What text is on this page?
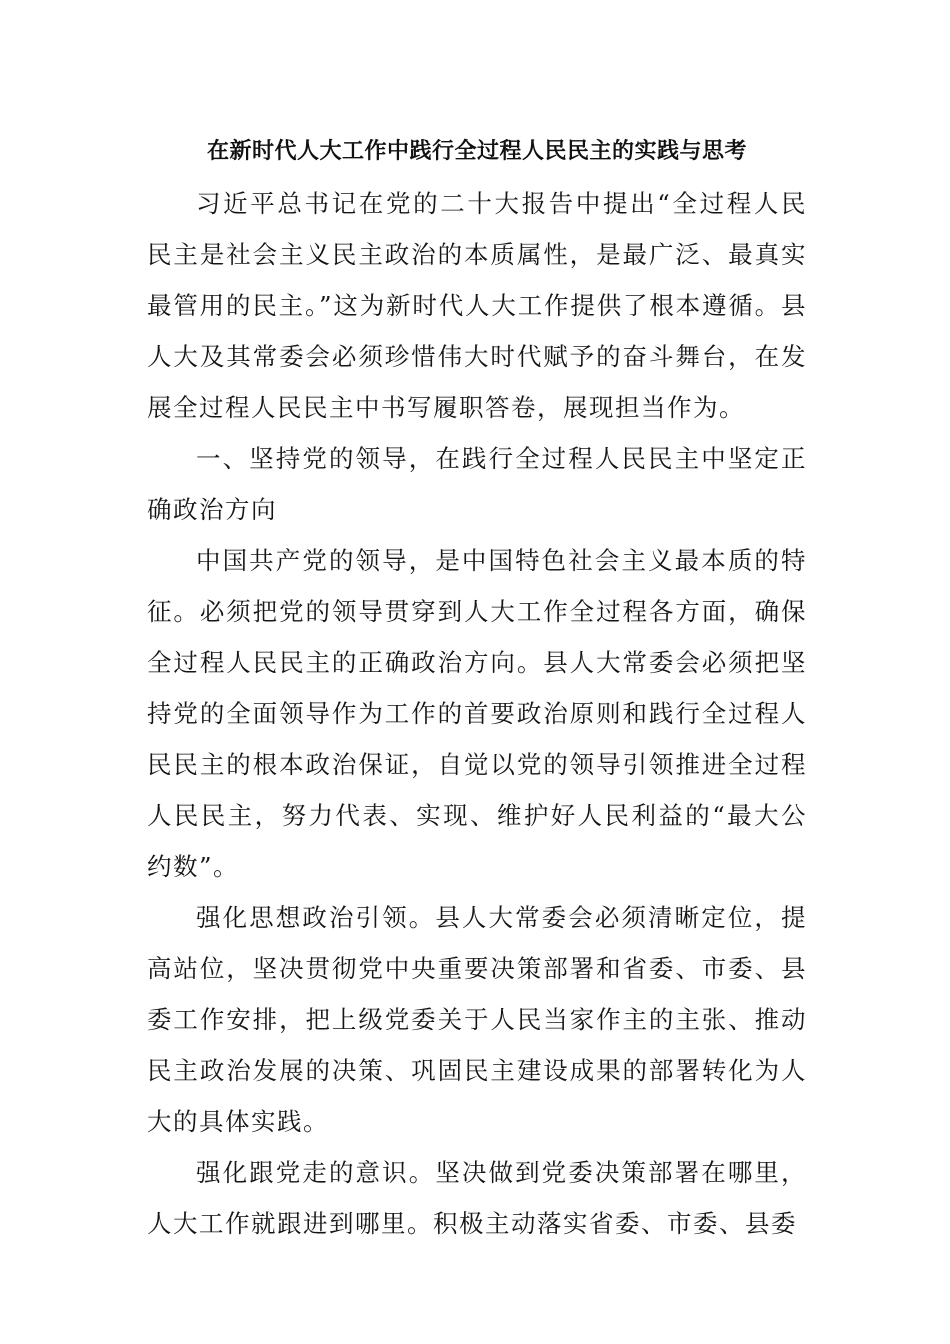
在新时代人大工作中践行全过程人民民主的实践与思考

习近平总书记在党的二十大报告中提出“全过程人民民主是社会主义民主政治的本质属性，是最广泛、最真实最管用的民主。”这为新时代人大工作提供了根本遵循。县人大及其常委会必须珍惜伟大时代赋予的奋斗舞台，在发展全过程人民民主中书写履职答卷，展现担当作为。

一、坚持党的领导，在践行全过程人民民主中坚定正确政治方向

中国共产党的领导，是中国特色社会主义最本质的特征。必须把党的领导贯穿到人大工作全过程各方面，确保全过程人民民主的正确政治方向。县人大常委会必须把坚持党的全面领导作为工作的首要政治原则和践行全过程人民民主的根本政治保证，自觉以党的领导引领推进全过程人民民主，努力代表、实现、维护好人民利益的“最大公约数”。

强化思想政治引领。县人大常委会必须清晰定位，提高站位，坚决贯彻党中央重要决策部署和省委、市委、县委工作安排，把上级党委关于人民当家作主的主张、推动民主政治发展的决策、巩固民主建设成果的部署转化为人大的具体实践。

强化跟党走的意识。坚决做到党委决策部署在哪里，人大工作就跟进到哪里。积极主动落实省委、市委、县委
